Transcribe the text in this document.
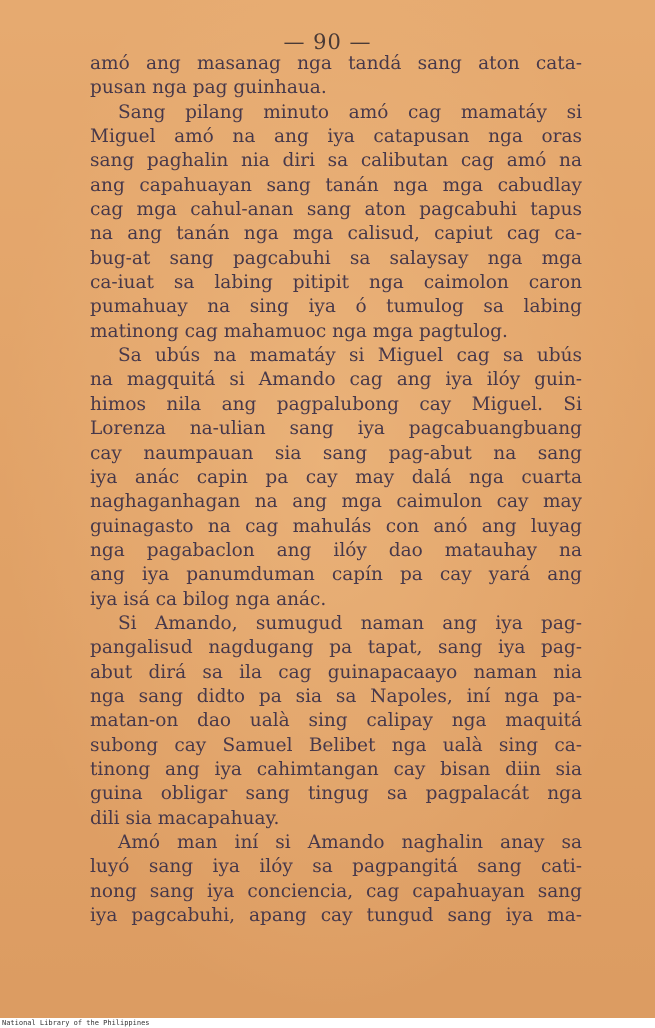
— 90 —
amó ang masanag nga tandá sang aton cata-
pusan nga pag guinhaua.
Sang pilang minuto amó cag mamatáy si
Miguel amó na ang iya catapusan nga oras
sang paghalin nia diri sa calibutan cag amó na
ang capahuayan sang tanán nga mga cabudlay
cag mga cahul-anan sang aton pagcabuhi tapus
na ang tanán nga mga calisud, capiut cag ca-
bug-at sang pagcabuhi sa salaysay nga mga
ca-iuat sa labing pitipit nga caimolon caron
pumahuay na sing iya ó tumulog sa labing
matinong cag mahamuoc nga mga pagtulog.
Sa ubús na mamatáy si Miguel cag sa ubús
na magquitá si Amando cag ang iya ilóy guin-
himos nila ang pagpalubong cay Miguel. Si
Lorenza na-ulian sang iya pagcabuangbuang
cay naumpauan sia sang pag-abut na sang
iya anác capin pa cay may dalá nga cuarta
naghaganhagan na ang mga caimulon cay may
guinagasto na cag mahulás con anó ang luyag
nga pagabaclon ang ilóy dao matauhay na
ang iya panumduman capín pa cay yará ang
iya isá ca bilog nga anác.
Si Amando, sumugud naman ang iya pag-
pangalisud nagdugang pa tapat, sang iya pag-
abut dirá sa ila cag guinapacaayo naman nia
nga sang didto pa sia sa Napoles, iní nga pa-
matan-on dao ualà sing calipay nga maquitá
subong cay Samuel Belibet nga ualà sing ca-
tinong ang iya cahimtangan cay bisan diin sia
guina obligar sang tingug sa pagpalacát nga
dili sia macapahuay.
Amó man iní si Amando naghalin anay sa
luyó sang iya ilóy sa pagpangitá sang cati-
nong sang iya conciencia, cag capahuayan sang
iya pagcabuhi, apang cay tungud sang iya ma-
National Library of the Philippines
